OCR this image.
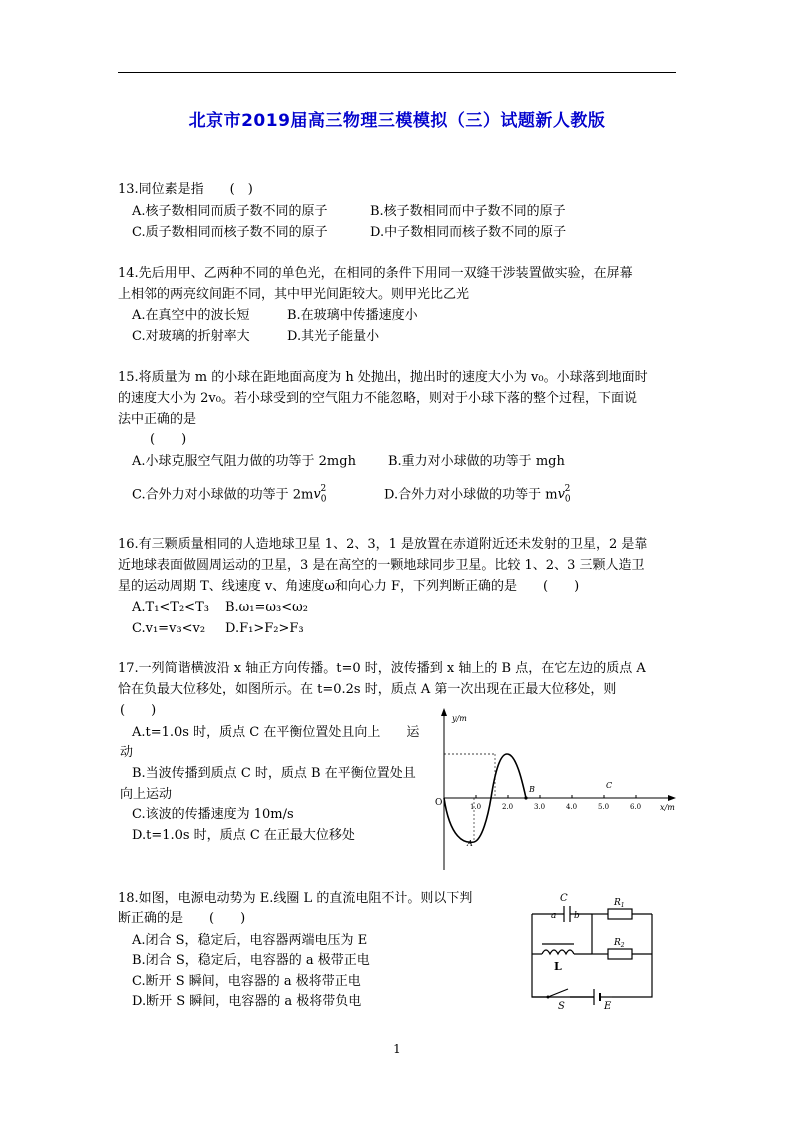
北京市2019届高三物理三模模拟（三）试题新人教版
13.同位素是指　　(　)
A.核子数相同而质子数不同的原子	B.核子数相同而中子数不同的原子
C.质子数相同而核子数不同的原子	D.中子数相同而核子数不同的原子
14.先后用甲、乙两种不同的单色光，在相同的条件下用同一双缝干涉装置做实验，在屏幕
上相邻的两亮纹间距不同，其中甲光间距较大。则甲光比乙光
A.在真空中的波长短	B.在玻璃中传播速度小
C.对玻璃的折射率大	D.其光子能量小
15.将质量为 m 的小球在距地面高度为 h 处抛出，抛出时的速度大小为 v₀。小球落到地面时
的速度大小为 2v₀。若小球受到的空气阻力不能忽略，则对于小球下落的整个过程，下面说
法中正确的是
(　　)
A.小球克服空气阻力做的功等于 2mgh B.重力对小球做的功等于 mgh
C.合外力对小球做的功等于 $2mv_0^2$	D.合外力对小球做的功等于 $mv_0^2$
16.有三颗质量相同的人造地球卫星 1、2、3，1 是放置在赤道附近还未发射的卫星，2 是靠
近地球表面做圆周运动的卫星，3 是在高空的一颗地球同步卫星。比较 1、2、3 三颗人造卫
星的运动周期 T、线速度 v、角速度ω和向心力 F，下列判断正确的是　　(　　)
A.T₁<T₂<T₃ B.ω₁=ω₃<ω₂
C.v₁=v₃<v₂ D.F₁>F₂>F₃
17.一列简谐横波沿 x 轴正方向传播。t=0 时，波传播到 x 轴上的 B 点，在它左边的质点 A
恰在负最大位移处，如图所示。在 t=0.2s 时，质点 A 第一次出现在正最大位移处，则
(　　)
A.t=1.0s 时，质点 C 在平衡位置处且向上　　运
动
B.当波传播到质点 C 时，质点 B 在平衡位置处且
向上运动
C.该波的传播速度为 10m/s
D.t=1.0s 时，质点 C 在正最大位移处
y/m
x/m
O	1.0	2.0	3.0	4.0	5.0	6.0
A
B	C
18.如图，电源电动势为 E.线圈 L 的直流电阻不计。则以下判
断正确的是　　(　　)
A.闭合 S，稳定后，电容器两端电压为 E
B.闭合 S，稳定后，电容器的 a 极带正电
C.断开 S 瞬间，电容器的 a 极将带正电
D.断开 S 瞬间，电容器的 a 极将带负电
C
a b
$R_1$
$R_2$
L
S	E
1
